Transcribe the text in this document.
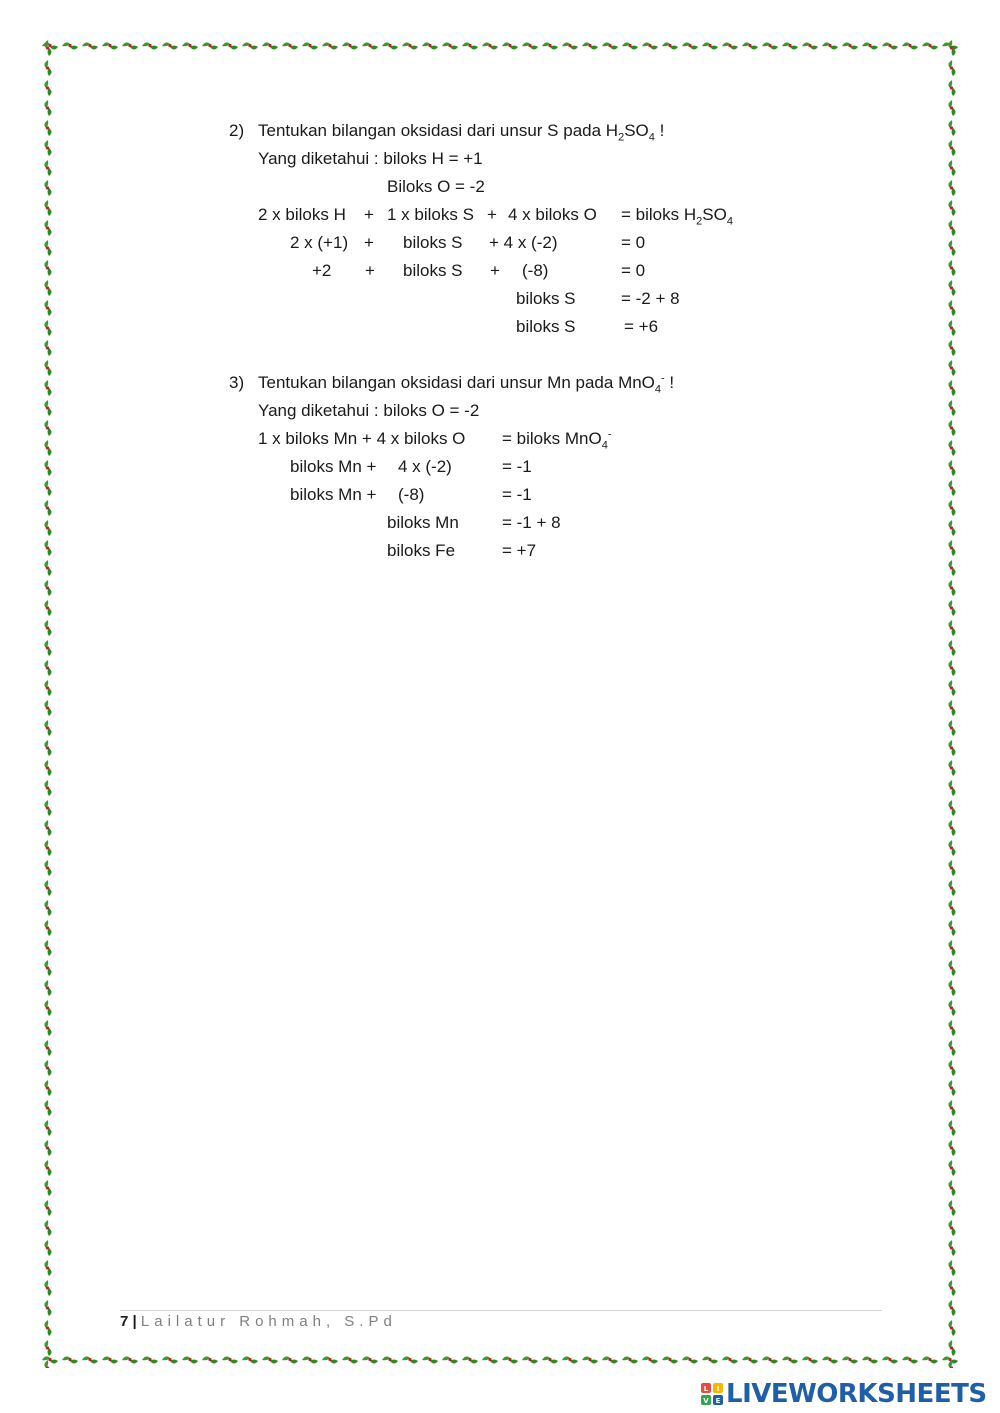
2) Tentukan bilangan oksidasi dari unsur S pada $H_2SO_4$ !
Yang diketahui : biloks H = +1
Biloks O = -2
2 x biloks H + 1 x biloks S + 4 x biloks O = biloks $H_2SO_4$
2 x (+1) + biloks S + 4 x (-2)	= 0
+2 + biloks S + (-8)	= 0
biloks S	= -2 + 8
biloks S	= +6
3) Tentukan bilangan oksidasi dari unsur Mn pada MnO$_4$- !
Yang diketahui : biloks O = -2
1 x biloks Mn + 4 x biloks O = biloks MnO$_4$-
biloks Mn + 4 x (-2)	= -1
biloks Mn + (-8)	= -1
biloks Mn	= -1 + 8
biloks Fe	= +7
7 | Lailatur Rohmah, S.Pd
L I
V E LIVEWORKSHEETS
